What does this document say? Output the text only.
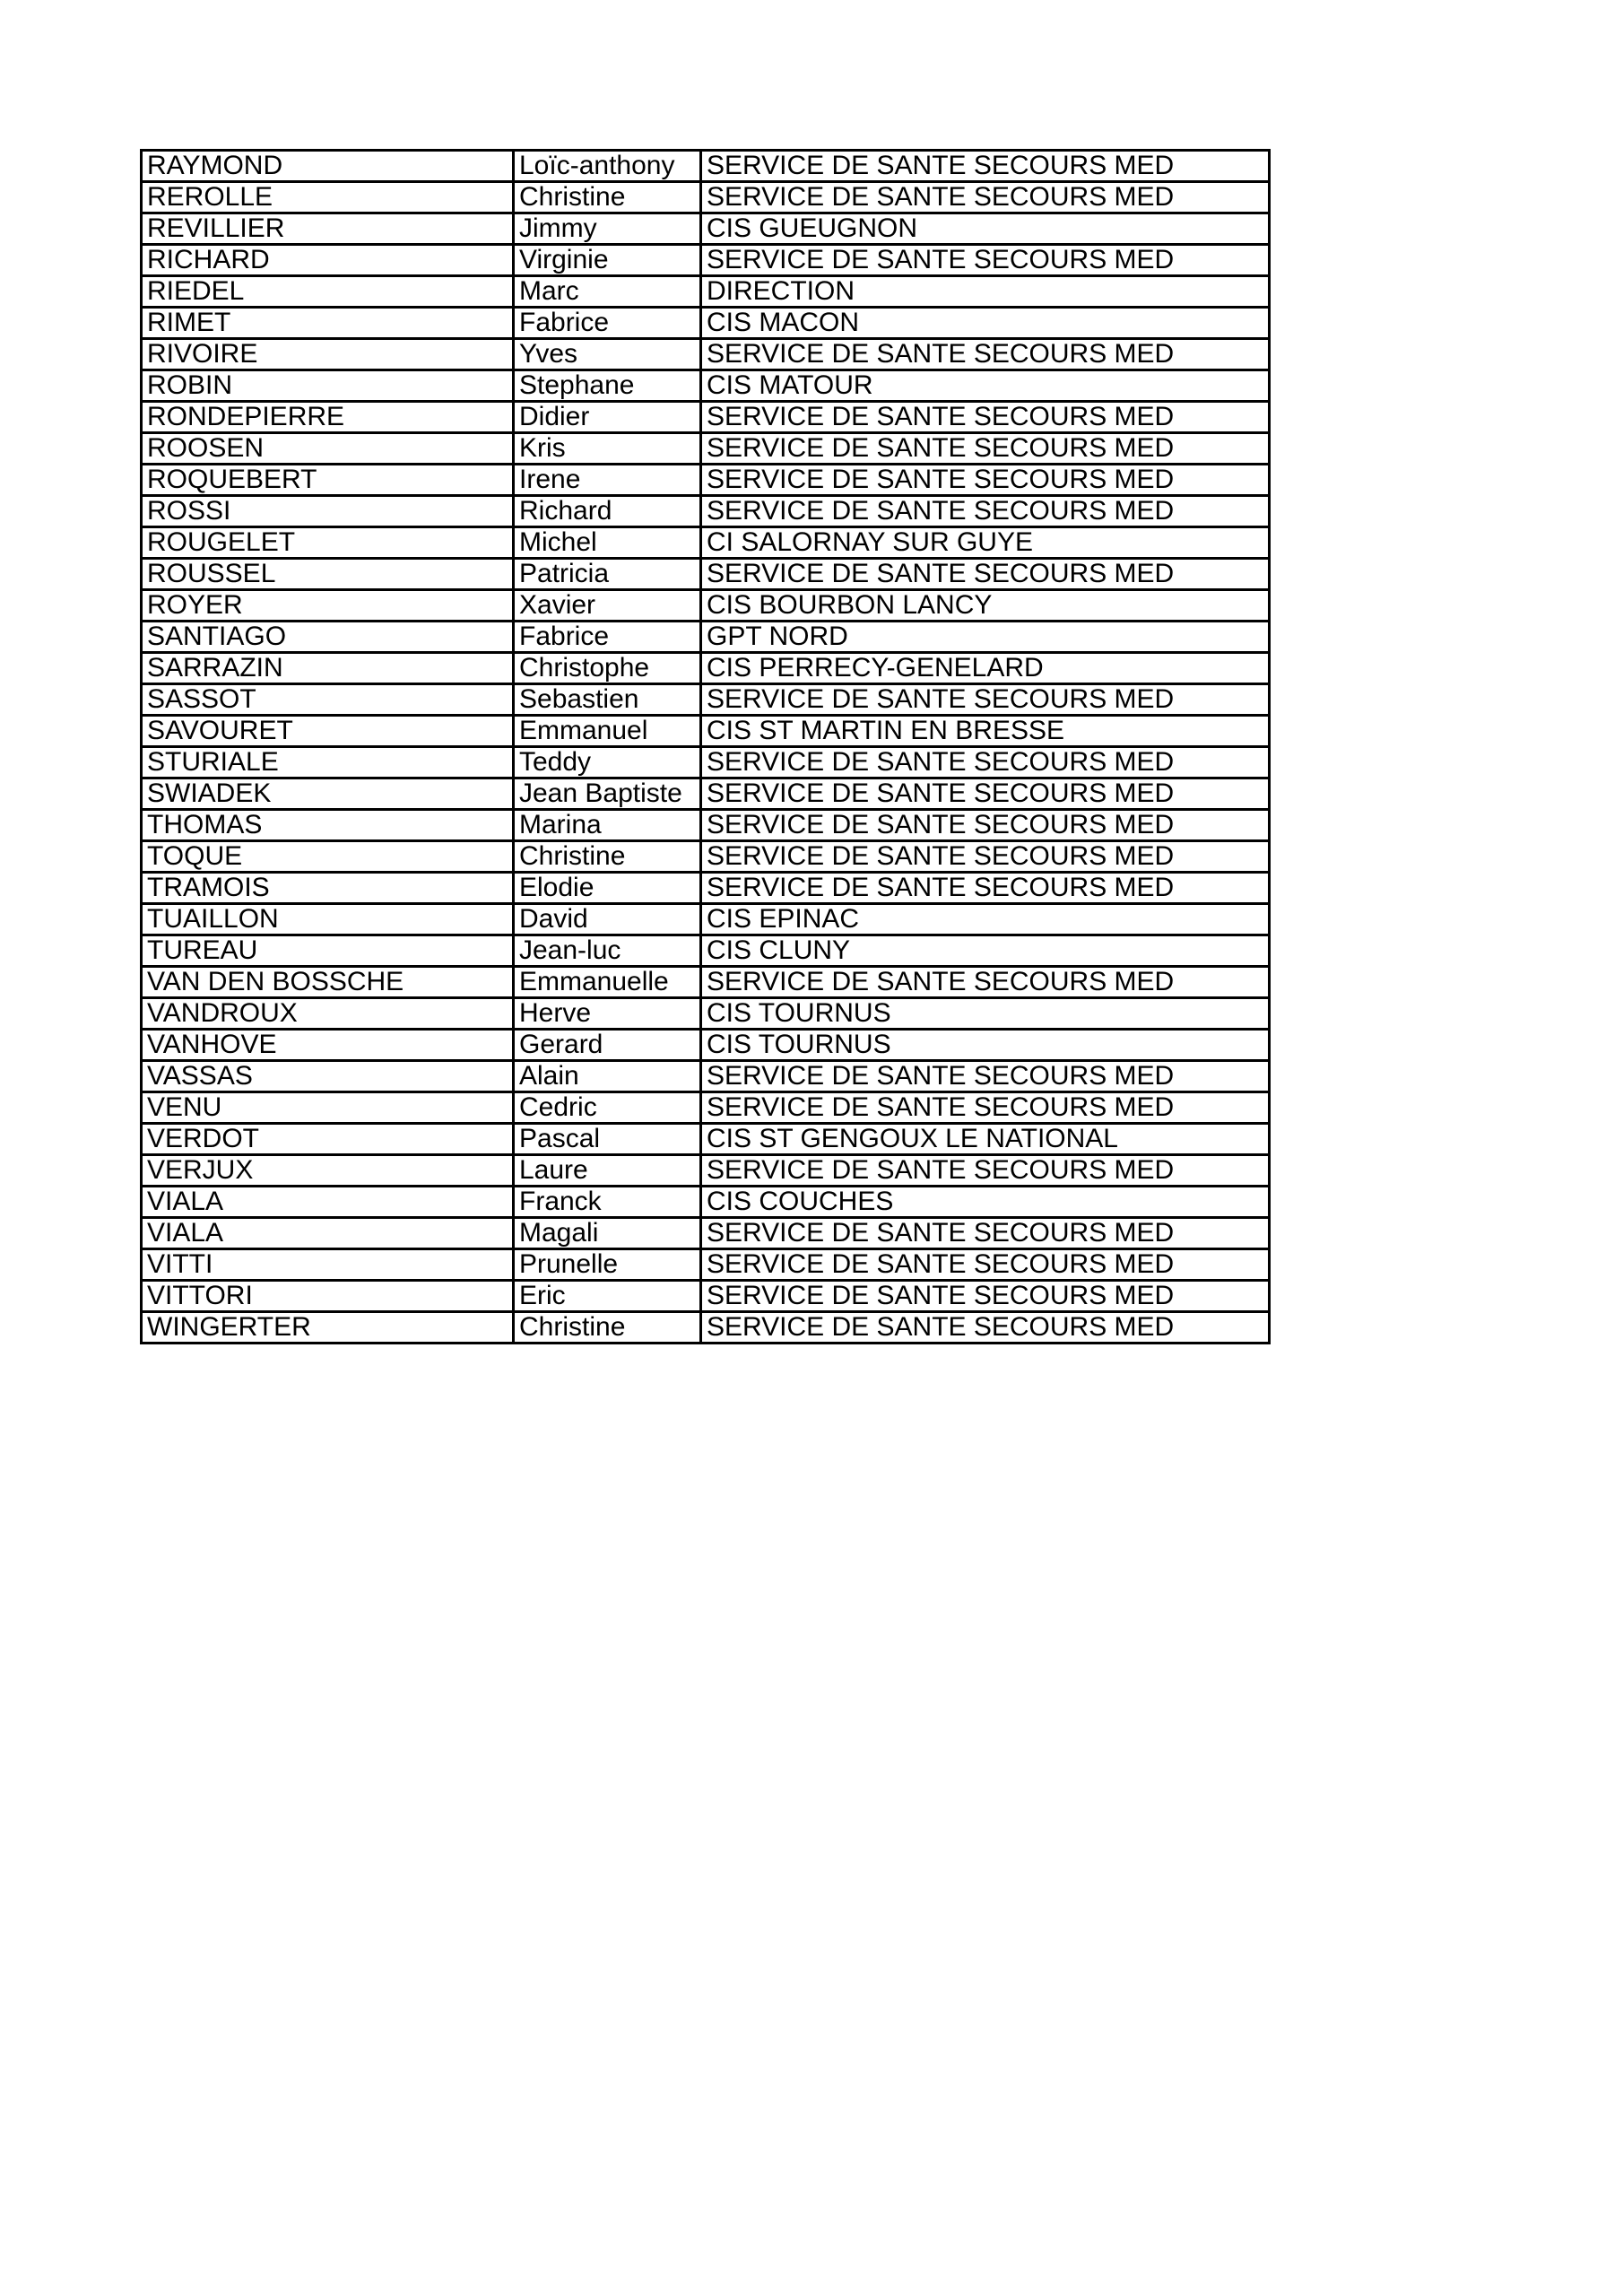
RAYMOND	Loïc-anthony	SERVICE DE SANTE SECOURS MED
REROLLE	Christine	SERVICE DE SANTE SECOURS MED
REVILLIER	Jimmy	CIS GUEUGNON
RICHARD	Virginie	SERVICE DE SANTE SECOURS MED
RIEDEL	Marc	DIRECTION
RIMET	Fabrice	CIS MACON
RIVOIRE	Yves	SERVICE DE SANTE SECOURS MED
ROBIN	Stephane	CIS MATOUR
RONDEPIERRE	Didier	SERVICE DE SANTE SECOURS MED
ROOSEN	Kris	SERVICE DE SANTE SECOURS MED
ROQUEBERT	Irene	SERVICE DE SANTE SECOURS MED
ROSSI	Richard	SERVICE DE SANTE SECOURS MED
ROUGELET	Michel	CI SALORNAY SUR GUYE
ROUSSEL	Patricia	SERVICE DE SANTE SECOURS MED
ROYER	Xavier	CIS BOURBON LANCY
SANTIAGO	Fabrice	GPT NORD
SARRAZIN	Christophe	CIS PERRECY-GENELARD
SASSOT	Sebastien	SERVICE DE SANTE SECOURS MED
SAVOURET	Emmanuel	CIS ST MARTIN EN BRESSE
STURIALE	Teddy	SERVICE DE SANTE SECOURS MED
SWIADEK	Jean Baptiste	SERVICE DE SANTE SECOURS MED
THOMAS	Marina	SERVICE DE SANTE SECOURS MED
TOQUE	Christine	SERVICE DE SANTE SECOURS MED
TRAMOIS	Elodie	SERVICE DE SANTE SECOURS MED
TUAILLON	David	CIS EPINAC
TUREAU	Jean-luc	CIS CLUNY
VAN DEN BOSSCHE	Emmanuelle	SERVICE DE SANTE SECOURS MED
VANDROUX	Herve	CIS TOURNUS
VANHOVE	Gerard	CIS TOURNUS
VASSAS	Alain	SERVICE DE SANTE SECOURS MED
VENU	Cedric	SERVICE DE SANTE SECOURS MED
VERDOT	Pascal	CIS ST GENGOUX LE NATIONAL
VERJUX	Laure	SERVICE DE SANTE SECOURS MED
VIALA	Franck	CIS COUCHES
VIALA	Magali	SERVICE DE SANTE SECOURS MED
VITTI	Prunelle	SERVICE DE SANTE SECOURS MED
VITTORI	Eric	SERVICE DE SANTE SECOURS MED
WINGERTER	Christine	SERVICE DE SANTE SECOURS MED
